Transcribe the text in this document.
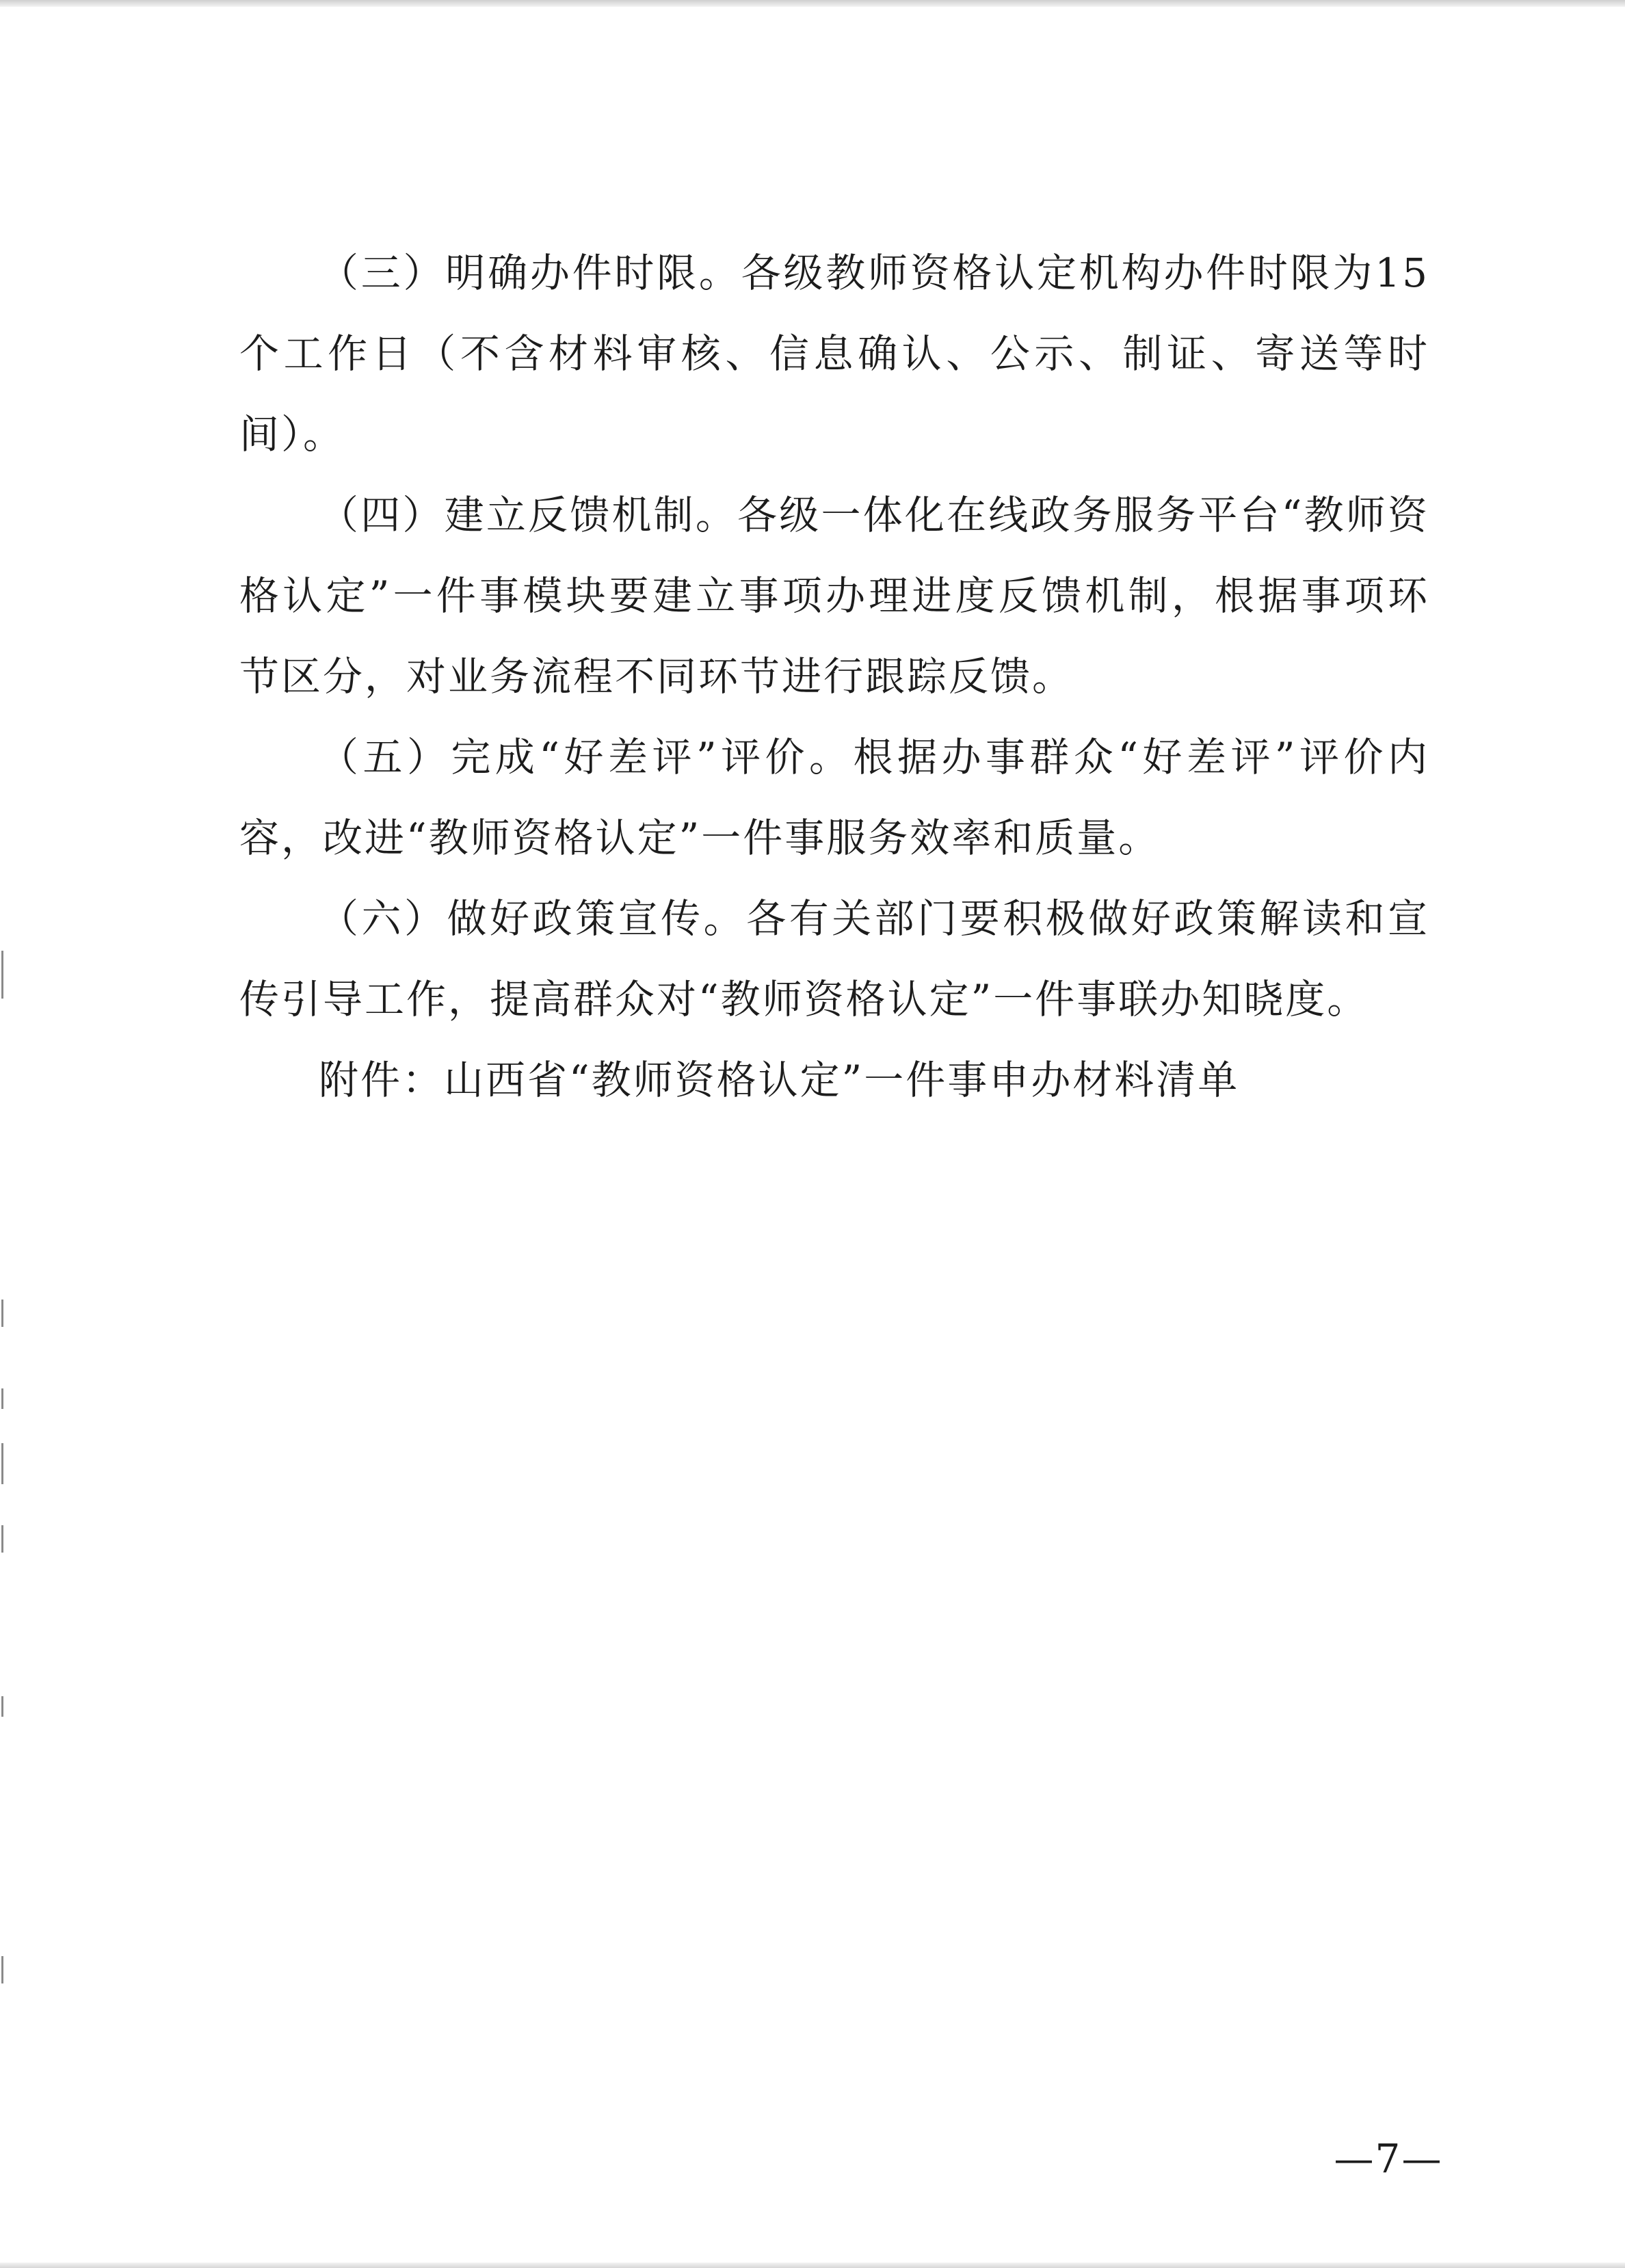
（三）明确办件时限。各级教师资格认定机构办件时限为15个工作日（不含材料审核、信息确认、公示、制证、寄送等时间）。

（四）建立反馈机制。各级一体化在线政务服务平台“教师资格认定”一件事模块要建立事项办理进度反馈机制，根据事项环节区分，对业务流程不同环节进行跟踪反馈。

（五）完成“好差评”评价。根据办事群众“好差评”评价内容，改进“教师资格认定”一件事服务效率和质量。

（六）做好政策宣传。各有关部门要积极做好政策解读和宣传引导工作，提高群众对“教师资格认定”一件事联办知晓度。

附件：山西省“教师资格认定”一件事申办材料清单

—7—
